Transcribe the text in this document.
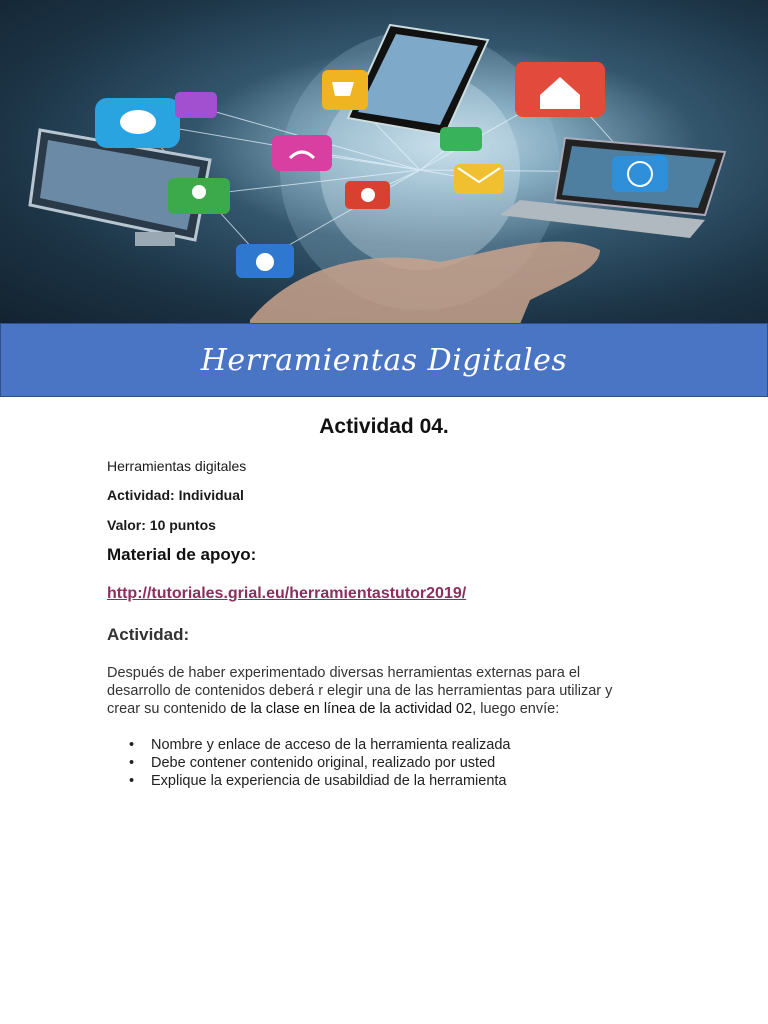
Herramientas Digitales
Actividad 04.
Herramientas digitales
Actividad: Individual
Valor: 10 puntos
Material de apoyo:
http://tutoriales.grial.eu/herramientastutor2019/
Actividad:
Después de haber experimentado diversas herramientas externas para el desarrollo de contenidos deberá r elegir una de las herramientas para utilizar y crear su contenido de la clase en línea de la actividad 02, luego envíe:
• Nombre y enlace de acceso de la herramienta realizada
• Debe contener contenido original, realizado por usted
• Explique la experiencia de usabildiad de la herramienta
